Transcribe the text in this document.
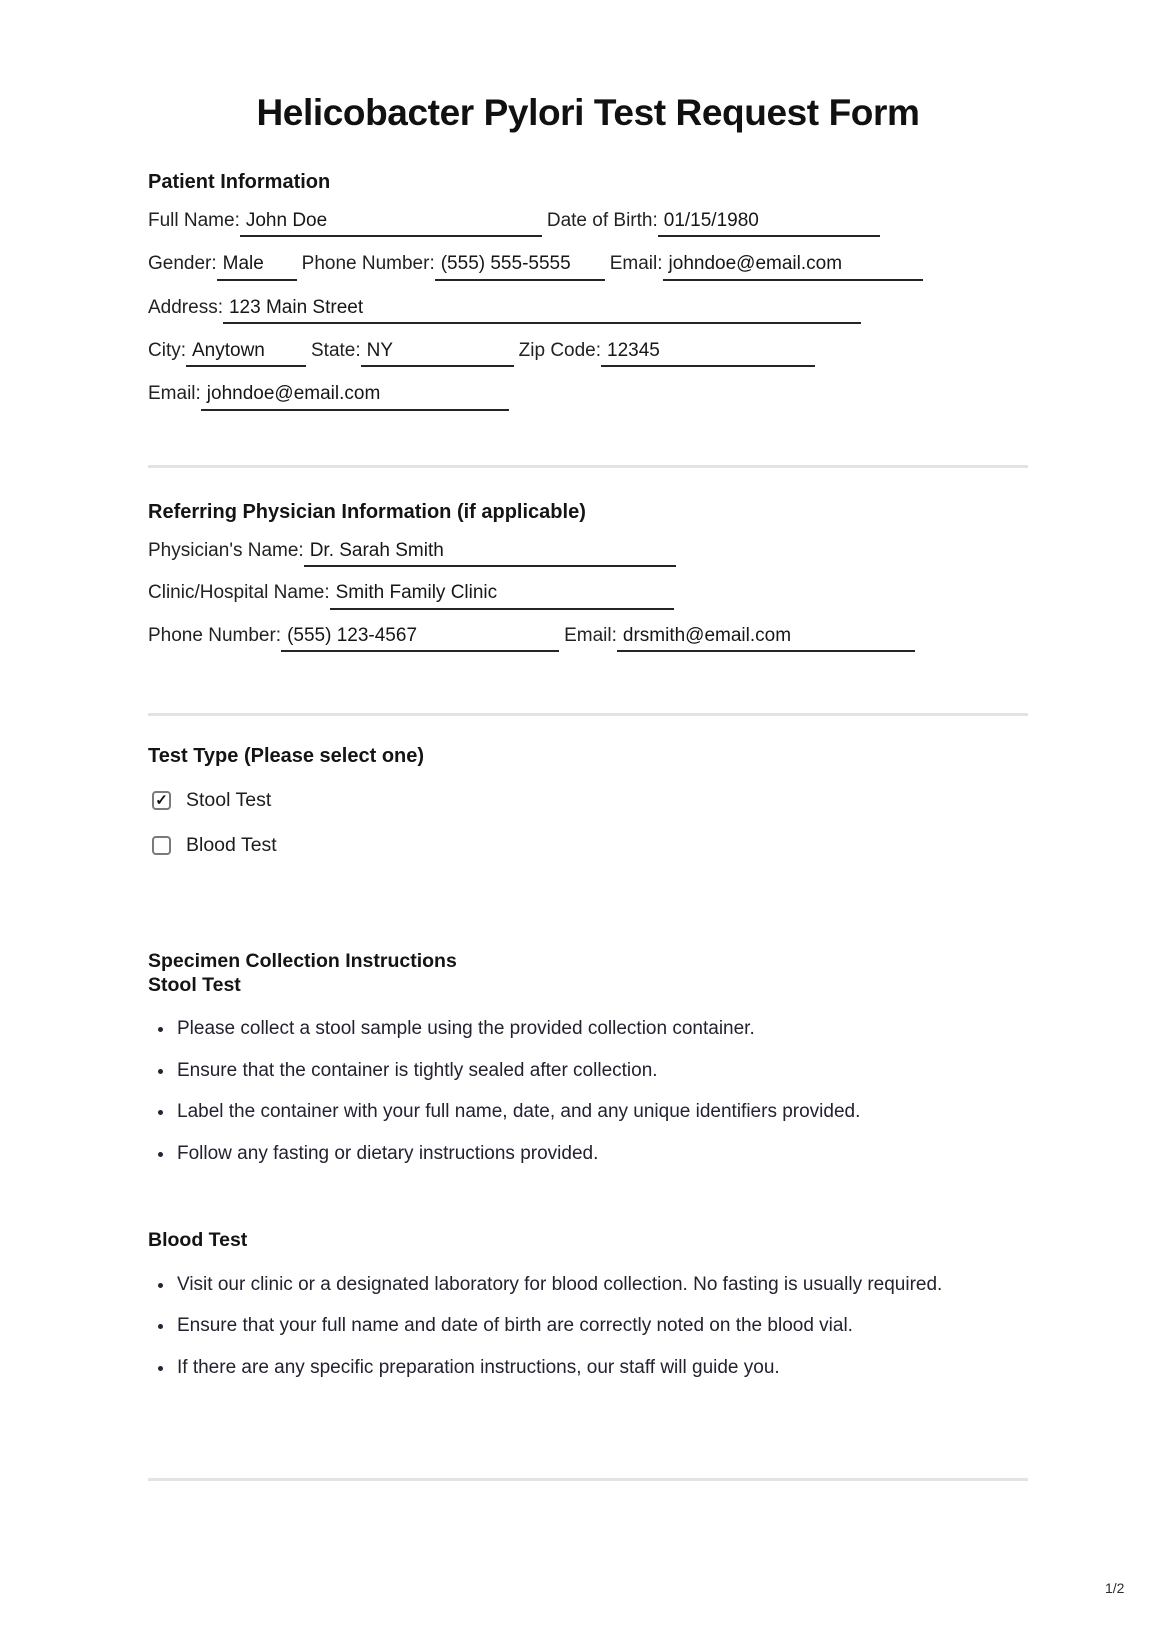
Helicobacter Pylori Test Request Form
Patient Information
Full Name: John Doe	Date of Birth: 01/15/1980
Gender: Male	Phone Number: (555) 555-5555	Email: johndoe@email.com
Address: 123 Main Street
City: Anytown	State: NY	Zip Code: 12345
Email: johndoe@email.com
Referring Physician Information (if applicable)
Physician's Name: Dr. Sarah Smith
Clinic/Hospital Name: Smith Family Clinic
Phone Number: (555) 123-4567	Email: drsmith@email.com
Test Type (Please select one)
✓ Stool Test
Blood Test
Specimen Collection Instructions
Stool Test
Please collect a stool sample using the provided collection container.
Ensure that the container is tightly sealed after collection.
Label the container with your full name, date, and any unique identifiers provided.
Follow any fasting or dietary instructions provided.
Blood Test
Visit our clinic or a designated laboratory for blood collection. No fasting is usually required.
Ensure that your full name and date of birth are correctly noted on the blood vial.
If there are any specific preparation instructions, our staff will guide you.
1/2
